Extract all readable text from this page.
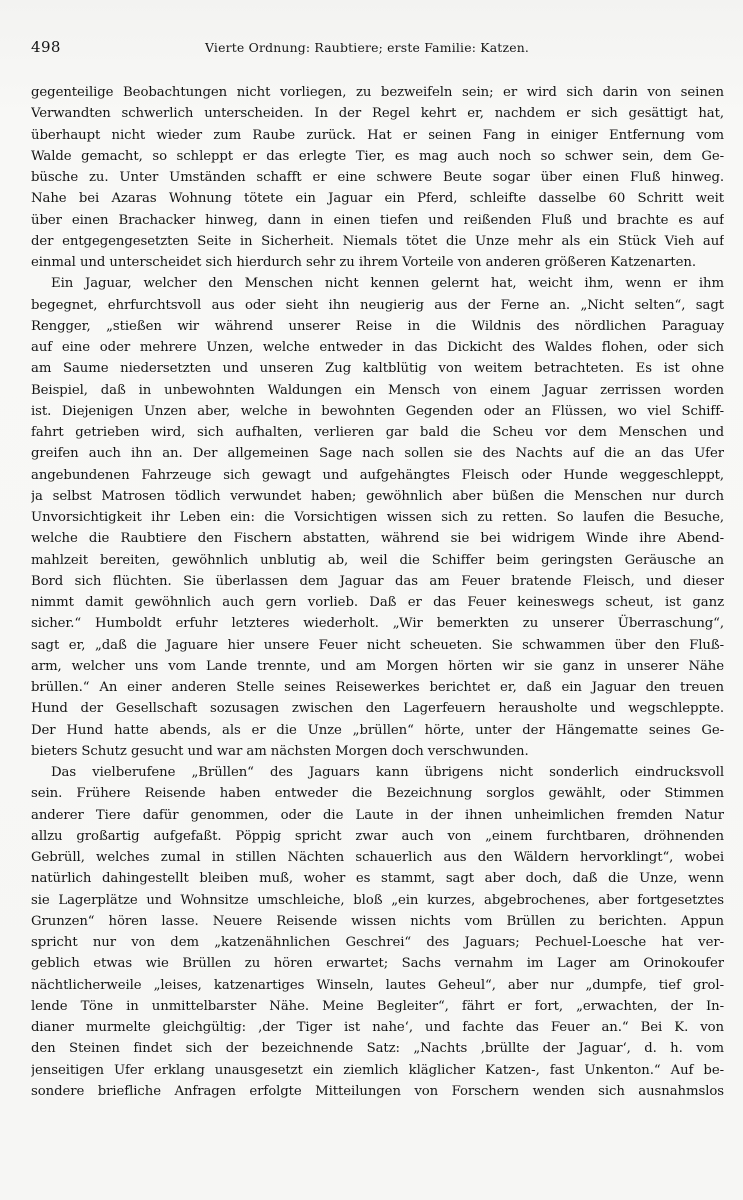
498	Vierte Ordnung: Raubtiere; erste Familie: Katzen.
gegenteilige Beobachtungen nicht vorliegen, zu bezweifeln sein; er wird sich darin von seinen
Verwandten schwerlich unterscheiden. In der Regel kehrt er, nachdem er sich gesättigt hat,
überhaupt nicht wieder zum Raube zurück. Hat er seinen Fang in einiger Entfernung vom
Walde gemacht, so schleppt er das erlegte Tier, es mag auch noch so schwer sein, dem Ge-
büsche zu. Unter Umständen schafft er eine schwere Beute sogar über einen Fluß hinweg.
Nahe bei Azaras Wohnung tötete ein Jaguar ein Pferd, schleifte dasselbe 60 Schritt weit
über einen Brachacker hinweg, dann in einen tiefen und reißenden Fluß und brachte es auf
der entgegengesetzten Seite in Sicherheit. Niemals tötet die Unze mehr als ein Stück Vieh auf
einmal und unterscheidet sich hierdurch sehr zu ihrem Vorteile von anderen größeren Katzenarten.
Ein Jaguar, welcher den Menschen nicht kennen gelernt hat, weicht ihm, wenn er ihm
begegnet, ehrfurchtsvoll aus oder sieht ihn neugierig aus der Ferne an. „Nicht selten“, sagt
Rengger, „stießen wir während unserer Reise in die Wildnis des nördlichen Paraguay
auf eine oder mehrere Unzen, welche entweder in das Dickicht des Waldes flohen, oder sich
am Saume niedersetzten und unseren Zug kaltblütig von weitem betrachteten. Es ist ohne
Beispiel, daß in unbewohnten Waldungen ein Mensch von einem Jaguar zerrissen worden
ist. Diejenigen Unzen aber, welche in bewohnten Gegenden oder an Flüssen, wo viel Schiff-
fahrt getrieben wird, sich aufhalten, verlieren gar bald die Scheu vor dem Menschen und
greifen auch ihn an. Der allgemeinen Sage nach sollen sie des Nachts auf die an das Ufer
angebundenen Fahrzeuge sich gewagt und aufgehängtes Fleisch oder Hunde weggeschleppt,
ja selbst Matrosen tödlich verwundet haben; gewöhnlich aber büßen die Menschen nur durch
Unvorsichtigkeit ihr Leben ein: die Vorsichtigen wissen sich zu retten. So laufen die Besuche,
welche die Raubtiere den Fischern abstatten, während sie bei widrigem Winde ihre Abend-
mahlzeit bereiten, gewöhnlich unblutig ab, weil die Schiffer beim geringsten Geräusche an
Bord sich flüchten. Sie überlassen dem Jaguar das am Feuer bratende Fleisch, und dieser
nimmt damit gewöhnlich auch gern vorlieb. Daß er das Feuer keineswegs scheut, ist ganz
sicher.“ Humboldt erfuhr letzteres wiederholt. „Wir bemerkten zu unserer Überraschung“,
sagt er, „daß die Jaguare hier unsere Feuer nicht scheueten. Sie schwammen über den Fluß-
arm, welcher uns vom Lande trennte, und am Morgen hörten wir sie ganz in unserer Nähe
brüllen.“ An einer anderen Stelle seines Reisewerkes berichtet er, daß ein Jaguar den treuen
Hund der Gesellschaft sozusagen zwischen den Lagerfeuern herausholte und wegschleppte.
Der Hund hatte abends, als er die Unze „brüllen“ hörte, unter der Hängematte seines Ge-
bieters Schutz gesucht und war am nächsten Morgen doch verschwunden.
Das vielberufene „Brüllen“ des Jaguars kann übrigens nicht sonderlich eindrucksvoll
sein. Frühere Reisende haben entweder die Bezeichnung sorglos gewählt, oder Stimmen
anderer Tiere dafür genommen, oder die Laute in der ihnen unheimlichen fremden Natur
allzu großartig aufgefaßt. Pöppig spricht zwar auch von „einem furchtbaren, dröhnenden
Gebrüll, welches zumal in stillen Nächten schauerlich aus den Wäldern hervorklingt“, wobei
natürlich dahingestellt bleiben muß, woher es stammt, sagt aber doch, daß die Unze, wenn
sie Lagerplätze und Wohnsitze umschleiche, bloß „ein kurzes, abgebrochenes, aber fortgesetztes
Grunzen“ hören lasse. Neuere Reisende wissen nichts vom Brüllen zu berichten. Appun
spricht nur von dem „katzenähnlichen Geschrei“ des Jaguars; Pechuel-Loesche hat ver-
geblich etwas wie Brüllen zu hören erwartet; Sachs vernahm im Lager am Orinokoufer
nächtlicherweile „leises, katzenartiges Winseln, lautes Geheul“, aber nur „dumpfe, tief grol-
lende Töne in unmittelbarster Nähe. Meine Begleiter“, fährt er fort, „erwachten, der In-
dianer murmelte gleichgültig: ‚der Tiger ist nahe‘, und fachte das Feuer an.“ Bei K. von
den Steinen findet sich der bezeichnende Satz: „Nachts ‚brüllte der Jaguar‘, d. h. vom
jenseitigen Ufer erklang unausgesetzt ein ziemlich kläglicher Katzen-, fast Unkenton.“ Auf be-
sondere briefliche Anfragen erfolgte Mitteilungen von Forschern wenden sich ausnahmslos
